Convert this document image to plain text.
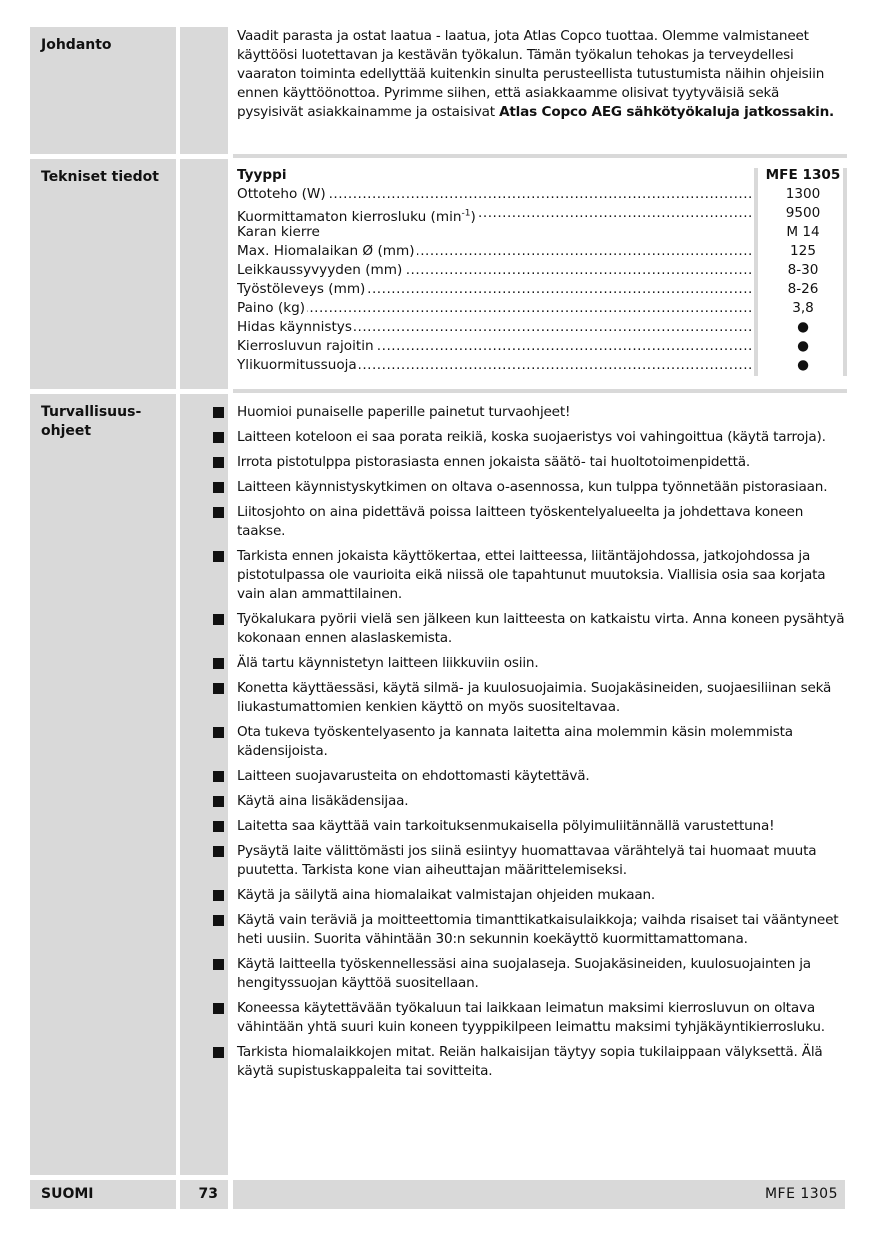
Johdanto
Vaadit parasta ja ostat laatua - laatua, jota Atlas Copco tuottaa. Olemme valmistaneet käyttöösi luotettavan ja kestävän työkalun. Tämän työkalun tehokas ja terveydellesi vaaraton toiminta edellyttää kuitenkin sinulta perusteellista tutustumista näihin ohjeisiin ennen käyttöönottoa. Pyrimme siihen, että asiakkaamme olisivat tyytyväisiä sekä pysyisivät asiakkainamme ja ostaisivat Atlas Copco AEG sähkötyökaluja jatkossakin.
Tekniset tiedot	Tyyppi	MFE 1305
Ottoteho (W) .....	1300
Kuormittamaton kierrosluku $(\min^{-1})$ .....	9500
Karan kierre	M 14
Max. Hiomalaikan Ø (mm) .....	125
Leikkaussyvyyden (mm) .....	8-30
Työstöleveys (mm) .....	8-26
Paino (kg) .....	3,8
Hidas käynnistys .....	●
Kierrosluvun rajoitin .....	●
Ylikuormitussuoja .....	●
Turvallisuus-ohjeet
Huomioi punaiselle paperille painetut turvaohjeet!
Laitteen koteloon ei saa porata reikiä, koska suojaeristys voi vahingoittua (käytä tarroja).
Irrota pistotulppa pistorasiasta ennen jokaista säätö- tai huoltotoimenpidettä.
Laitteen käynnistyskytkimen on oltava o-asennossa, kun tulppa työnnetään pistorasiaan.
Liitosjohto on aina pidettävä poissa laitteen työskentelyalueelta ja johdettava koneen taakse.
Tarkista ennen jokaista käyttökertaa, ettei laitteessa, liitäntäjohdossa, jatkojohdossa ja pistotulpassa ole vaurioita eikä niissä ole tapahtunut muutoksia. Viallisia osia saa korjata vain alan ammattilainen.
Työkalukara pyörii vielä sen jälkeen kun laitteesta on katkaistu virta. Anna koneen pysähtyä kokonaan ennen alaslaskemista.
Älä tartu käynnistetyn laitteen liikkuviin osiin.
Konetta käyttäessäsi, käytä silmä- ja kuulosuojaimia. Suojakäsineiden, suojaesiliinan sekä liukastumattomien kenkien käyttö on myös suositeltavaa.
Ota tukeva työskentelyasento ja kannata laitetta aina molemmin käsin molemmista kädensijoista.
Laitteen suojavarusteita on ehdottomasti käytettävä.
Käytä aina lisäkädensijaa.
Laitetta saa käyttää vain tarkoituksenmukaisella pölyimuliitännällä varustettuna!
Pysäytä laite välittömästi jos siinä esiintyy huomattavaa värähtelyä tai huomaat muuta puutetta. Tarkista kone vian aiheuttajan määrittelemiseksi.
Käytä ja säilytä aina hiomalaikat valmistajan ohjeiden mukaan.
Käytä vain teräviä ja moitteettomia timanttikatkaisulaikkoja; vaihda risaiset tai vääntyneet heti uusiin. Suorita vähintään 30:n sekunnin koekäyttö kuormittamattomana.
Käytä laitteella työskennellessäsi aina suojalaseja. Suojakäsineiden, kuulosuojainten ja hengityssuojan käyttöä suositellaan.
Koneessa käytettävään työkaluun tai laikkaan leimatun maksimi kierrosluvun on oltava vähintään yhtä suuri kuin koneen tyyppikilpeen leimattu maksimi tyhjäkäyntikierrosluku.
Tarkista hiomalaikkojen mitat. Reiän halkaisijan täytyy sopia tukilaippaan välyksettä. Älä käytä supistuskappaleita tai sovitteita.
SUOMI	73	MFE 1305
